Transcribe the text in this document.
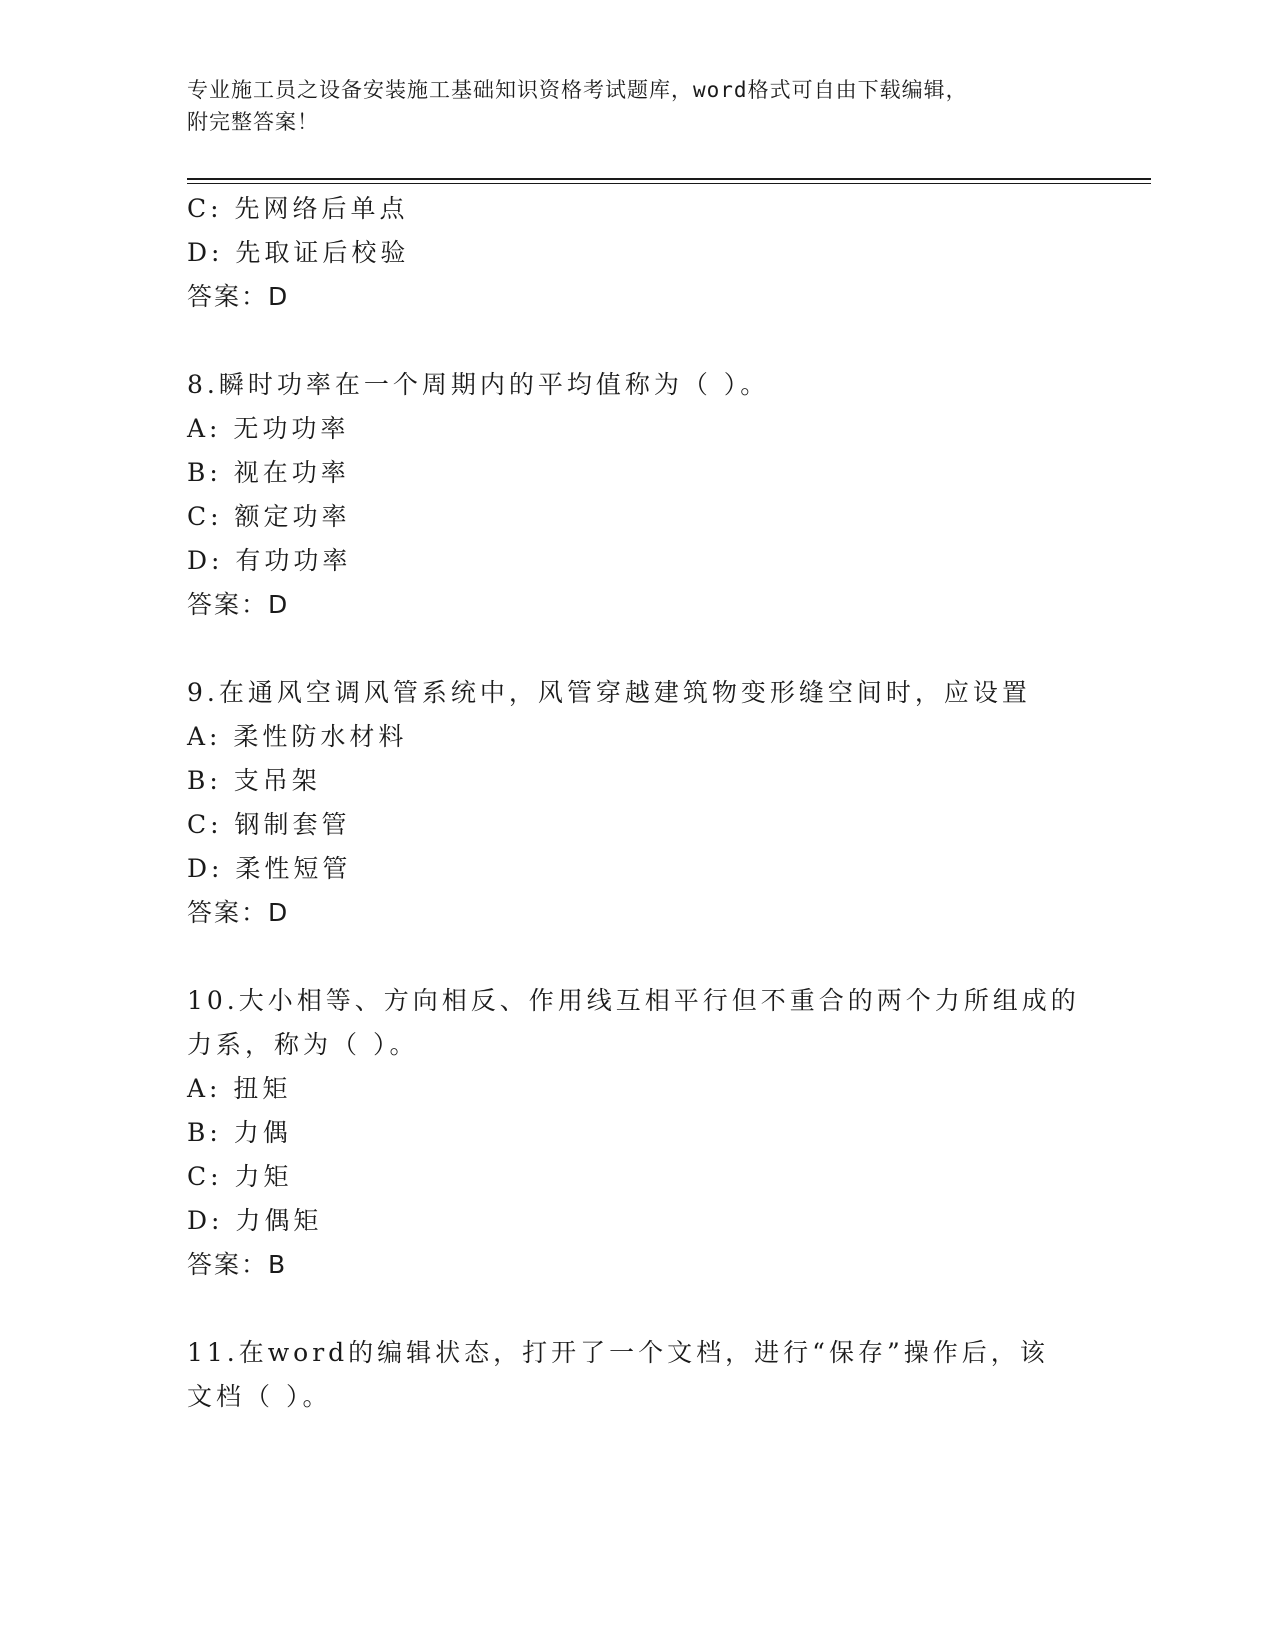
专业施工员之设备安装施工基础知识资格考试题库，word格式可自由下载编辑，
附完整答案！
C: 先网络后单点
D: 先取证后校验
答案：D
8.瞬时功率在一个周期内的平均值称为（ ）。
A: 无功功率
B: 视在功率
C: 额定功率
D: 有功功率
答案：D
9.在通风空调风管系统中，风管穿越建筑物变形缝空间时，应设置
A: 柔性防水材料
B: 支吊架
C: 钢制套管
D: 柔性短管
答案：D
10.大小相等、方向相反、作用线互相平行但不重合的两个力所组成的
力系，称为（ ）。
A: 扭矩
B: 力偶
C: 力矩
D: 力偶矩
答案：B
11.在word的编辑状态，打开了一个文档，进行“保存”操作后，该
文档（ ）。
